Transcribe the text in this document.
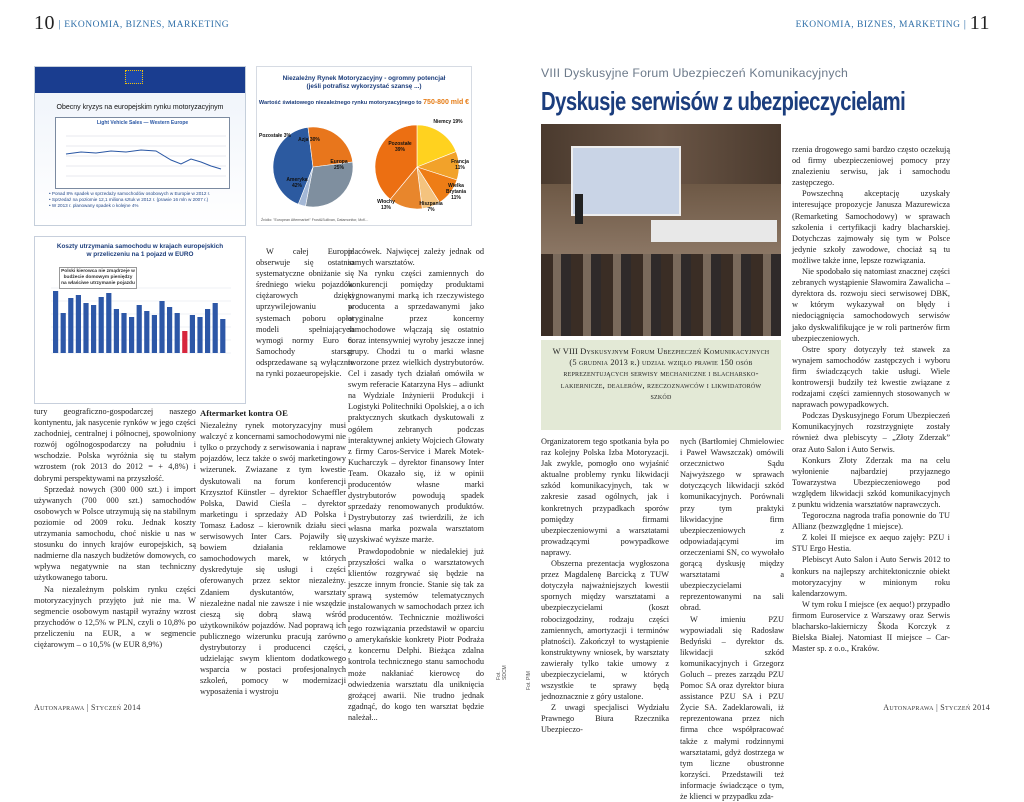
10 | EKONOMIA, BIZNES, MARKETING
Obecny kryzys na europejskim rynku motoryzacyjnym
Light Vehicle Sales — Western Europe
• Ponad 8% spadek w sprzedaży samochodów osobowych w Europie w 2012 r.
• Sprzedaż na poziomie 12,1 miliona sztuk w 2012 r. (prawie 16 mln w 2007 r.)
• W 2013 r. planowany spadek o kolejne 4%
Niezależny Rynek Motoryzacyjny - ogromny potencjał
(jeśli potrafisz wykorzystać szansę ...)
Wartość światowego niezależnego rynku motoryzacyjnego to 750-800 mld €
Pozostałe 3%
Azja 30%
Europa 25%
Ameryka 42%
Pozostałe 39%
Niemcy 19%
Francja 11%
Wielka Brytania 11%
Hiszpania 7%
Włochy 13%
Źródło: "European Aftermarket" Frost&Sullivan, Datamonitor, McK...
Koszty utrzymania samochodu w krajach europejskich
w przeliczeniu na 1 pojazd w EURO
Polski kierowca nie zmądrzeje w budżecie domowym pieniędzy na właściwe utrzymanie pojazdu

W całej Europie obserwuje się ostatnio systematyczne obniżanie się średniego wieku pojazdów ciężarowych dzięki uprzywilejowaniu w systemach poboru opłat modeli spełniających wymogi normy Euro 6. Samochody starsze odsprzedawane są wyłącznie na rynki pozaeuropejskie.

tury geograficzno-gospodarczej naszego kontynentu, jak nasycenie rynków w jego części zachodniej, centralnej i północnej, spowolniony rozwój ogólnogospodarczy na południu i wschodzie. Polska wyróżnia się tu stałym wzrostem (rok 2013 do 2012 = + 4,8%) i dobrymi perspektywami na przyszłość.

Sprzedaż nowych (300 000 szt.) i import używanych (700 000 szt.) samochodów osobowych w Polsce utrzymują się na stabilnym poziomie od 2009 roku. Jednak koszty utrzymania samochodu, choć niskie u nas w stosunku do innych krajów europejskich, są nadmierne dla naszych budżetów domowych, co wpływa negatywnie na stan techniczny użytkowanego taboru.

Na niezależnym polskim rynku części motoryzacyjnych przyjęto już nie ma. W segmencie osobowym nastąpił wyraźny wzrost przychodów o 12,5% w PLN, czyli o 10,8% po przeliczeniu na EUR, a w segmencie ciężarowym – o 10,5% (w EUR 8,9%)

Aftermarket kontra OE

Niezależny rynek motoryzacyjny musi walczyć z koncernami samochodowymi nie tylko o przychody z serwisowania i napraw pojazdów, lecz także o swój marketingowy wizerunek. Zwiazane z tym kwestie dyskutowali na forum konferencji Krzysztof Künstler – dyrektor Schaeffler Polska, Dawid Cieśla – dyrektor marketingu i sprzedaży AD Polska i Tomasz Ładosz – kierownik działu sieci serwisowych Inter Cars. Pojawiły się bowiem działania reklamowe samochodowych marek, w których dyskredytuje się usługi i części oferowanych przez sektor niezależny. Zdaniem dyskutantów, warsztaty niezależne nadal nie zawsze i nie wszędzie cieszą się dobrą sławą wśród użytkowników pojazdów. Nad poprawą ich publicznego wizerunku pracują zarówno dystrybutorzy i producenci części, udzielając swym klientom dodatkowego wsparcia w postaci profesjonalnych szkoleń, pomocy w modernizacji wyposażenia i wystroju

placówek. Najwięcej zależy jednak od samych warsztatów.

Na rynku części zamiennych do konkurencji pomiędzy produktami sygnowanymi marką ich rzeczywistego producenta a sprzedawanymi jako oryginalne przez koncerny samochodowe włączają się ostatnio coraz intensywniej wyroby jeszcze innej grupy. Chodzi tu o marki własne tworzone przez wielkich dystrybutorów. Cel i zasady tych działań omówiła w swym referacie Katarzyna Hys – adiunkt na Wydziale Inżynierii Produkcji i Logistyki Politechniki Opolskiej, a o ich praktycznych skutkach dyskutowali z ogółem zebranych podczas interaktywnej ankiety Wojciech Głowaty z firmy Caros-Service i Marek Motek-Kucharczyk – dyrektor finansowy Inter Team. Okazało się, iż w opinii producentów własne marki dystrybutorów powodują spadek sprzedaży renomowanych produktów. Dystrybutorzy zaś twierdzili, że ich własna marka pozwala warsztatom uzyskiwać wyższe marże.

Prawdopodobnie w niedalekiej już przyszłości walka o warsztatowych klientów rozgrywać się będzie na jeszcze innym froncie. Stanie się tak za sprawą systemów telematycznych instalowanych w samochodach przez ich producentów. Technicznie możliwości tego rozwiązania przedstawił w oparciu o amerykańskie konkrety Piotr Podraża z koncernu Delphi. Bieżąca zdalna kontrola technicznego stanu samochodu może nakłaniać kierowcę do odwiedzenia warsztatu dla uniknięcia grożącej awarii. Nie trudno jednak zgadnąć, do kogo ten warsztat będzie należał...

Fot. SDCM
Autonaprawa | Styczeń 2014
EKONOMIA, BIZNES, MARKETING | 11
Autonaprawa | Styczeń 2014
VIII Dyskusyjne Forum Ubezpieczeń Komunikacyjnych
Dyskusje serwisów z ubezpieczycielami
W VIII Dyskusyjnym Forum Ubezpieczeń Komunikacyjnych (5 grudnia 2013 r.) udział wzięło prawie 150 osób reprezentujących serwisy mechaniczne i blacharsko-lakiernicze, dealerów, rzeczoznawców i likwidatorów szkód
Fot. PIM

Organizatorem tego spotkania była po raz kolejny Polska Izba Motoryzacji. Jak zwykle, pomogło ono wyjaśnić aktualne problemy rynku likwidacji szkód komunikacyjnych, tak w zakresie zasad ogólnych, jak i konkretnych przypadkach sporów pomiędzy firmami ubezpieczeniowymi a warsztatami prowadzącymi powypadkowe naprawy.

Obszerna prezentacja wygłoszona przez Magdalenę Barcicką z TUW dotyczyła najważniejszych kwestii spornych między warsztatami a ubezpieczycielami (koszt robocizgodziny, rodzaju części zamiennych, amortyzacji i terminów płatności). Zakończył to wystąpienie konstruktywny wniosek, by warsztaty zawierały tylko takie umowy z ubezpieczycielami, w których wszystkie te sprawy będą jednoznacznie z góry ustalone.

Z uwagi specjalisci Wydziału Prawnego Biura Rzecznika Ubezpieczo-

nych (Bartłomiej Chmielowiec i Paweł Wawszczak) omówili orzecznictwo Sądu Najwyższego w sprawach dotyczących likwidacji szkód komunikacyjnych. Porównali przy tym praktyki likwidacyjne firm ubezpieczeniowych z odpowiadającymi im orzeczeniami SN, co wywołało gorącą dyskusję między warsztatami a ubezpieczycielami reprezentowanymi na sali obrad.

W imieniu PZU wypowiadali się Radosław Bedyński – dyrektor ds. likwidacji szkód komunikacyjnych i Grzegorz Goluch – prezes zarządu PZU Pomoc SA oraz dyrektor biura assistance PZU SA i PZU Życie SA. Zadeklarowali, iż reprezentowana przez nich firma chce współpracować także z małymi rodzinnymi warsztatami, gdyż dostrzega w tym liczne obustronne korzyści. Przedstawili też informacje świadczące o tym, że klienci w przypadku zda-

rzenia drogowego sami bardzo często oczekują od firmy ubezpieczeniowej pomocy przy znalezieniu serwisu, jak i samochodu zastępczego.

Powszechną akceptację uzyskały interesujące propozycje Janusza Mazurewicza (Remarketing Samochodowy) w sprawach szkolenia i certyfikacji kadry blacharskiej. Dotychczas zajmowały się tym w Polsce jedynie szkoły zawodowe, chociaż są tu możliwe także inne, lepsze rozwiązania.

Nie spodobało się natomiast znacznej części zebranych wystąpienie Sławomira Zawalicha – dyrektora ds. rozwoju sieci serwisowej DBK, w którym wykazywał on błędy i niedociągnięcia samochodowych serwisów jako dyskwalifikujące je w roli partnerów firm ubezpieczeniowych.

Ostre spory dotyczyły też stawek za wynajem samochodów zastępczych i wyboru firm świadczących takie usługi. Wiele kontrowersji budziły też kwestie związane z rodzajami części zamiennych stosowanych w naprawach powypadkowych.

Podczas Dyskusyjnego Forum Ubezpieczeń Komunikacyjnych rozstrzygnięte zostały również dwa plebiscyty – „Złoty Zderzak” oraz Auto Salon i Auto Serwis.

Konkurs Złoty Zderzak ma na celu wyłonienie najbardziej przyjaznego Towarzystwa Ubezpieczeniowego pod względem likwidacji szkód komunikacyjnych z punktu widzenia warsztatów naprawczych.

Tegoroczna nagroda trafia ponownie do TU Allianz (bezwzględne 1 miejsce).

Z kolei II miejsce ex aequo zajęły: PZU i STU Ergo Hestia.

Plebiscyt Auto Salon i Auto Serwis 2012 to konkurs na najlepszy architektonicznie obiekt motoryzacyjny w minionym roku kalendarzowym.

W tym roku I miejsce (ex aequo!) przypadło firmom Euroservice z Warszawy oraz Serwis blacharsko-lakierniczy Škoda Korczyk z Bielska Białej. Natomiast II miejsce – Car-Master sp. z o.o., Kraków.
